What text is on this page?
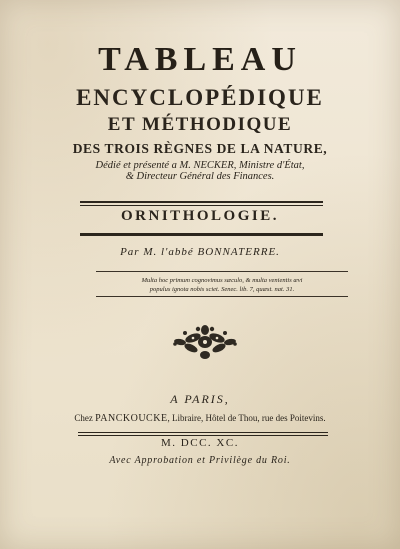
TABLEAU
ENCYCLOPÉDIQUE
ET MÉTHODIQUE
DES TROIS RÈGNES DE LA NATURE,
Dédié et présenté a M. NECKER, Ministre d'État,
& Directeur Général des Finances.
ORNITHOLOGIE.
Par M. l'abbé BONNATERRE.
Multa hoc primum cognovimus sæculo, & multa venientis ævi
populus ignota nobis sciet. Senec. lib. 7, quæst. nat. 31.
A PARIS,
Chez PANCKOUCKE, Libraire, Hôtel de Thou, rue des Poitevins.
M. DCC. XC.
Avec Approbation et Privilège du Roi.
